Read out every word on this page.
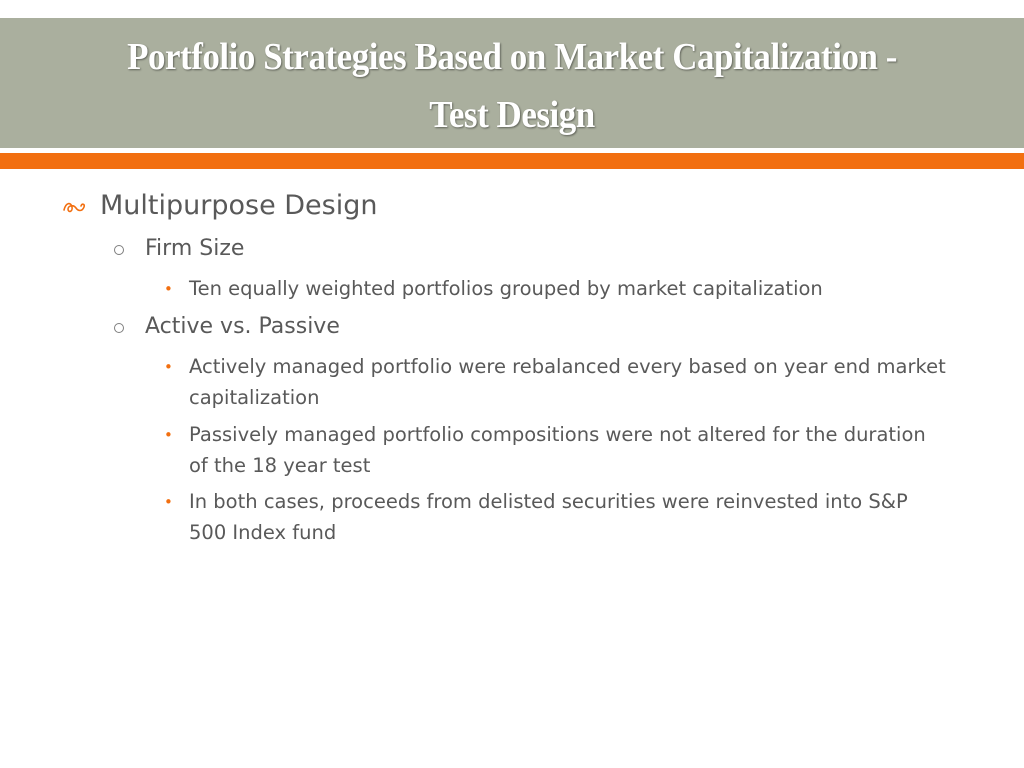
Portfolio Strategies Based on Market Capitalization - Test Design
Multipurpose Design
Firm Size
• Ten equally weighted portfolios grouped by market capitalization
Active vs. Passive
• Actively managed portfolio were rebalanced every based on year end market capitalization
• Passively managed portfolio compositions were not altered for the duration of the 18 year test
• In both cases, proceeds from delisted securities were reinvested into S&P 500 Index fund
